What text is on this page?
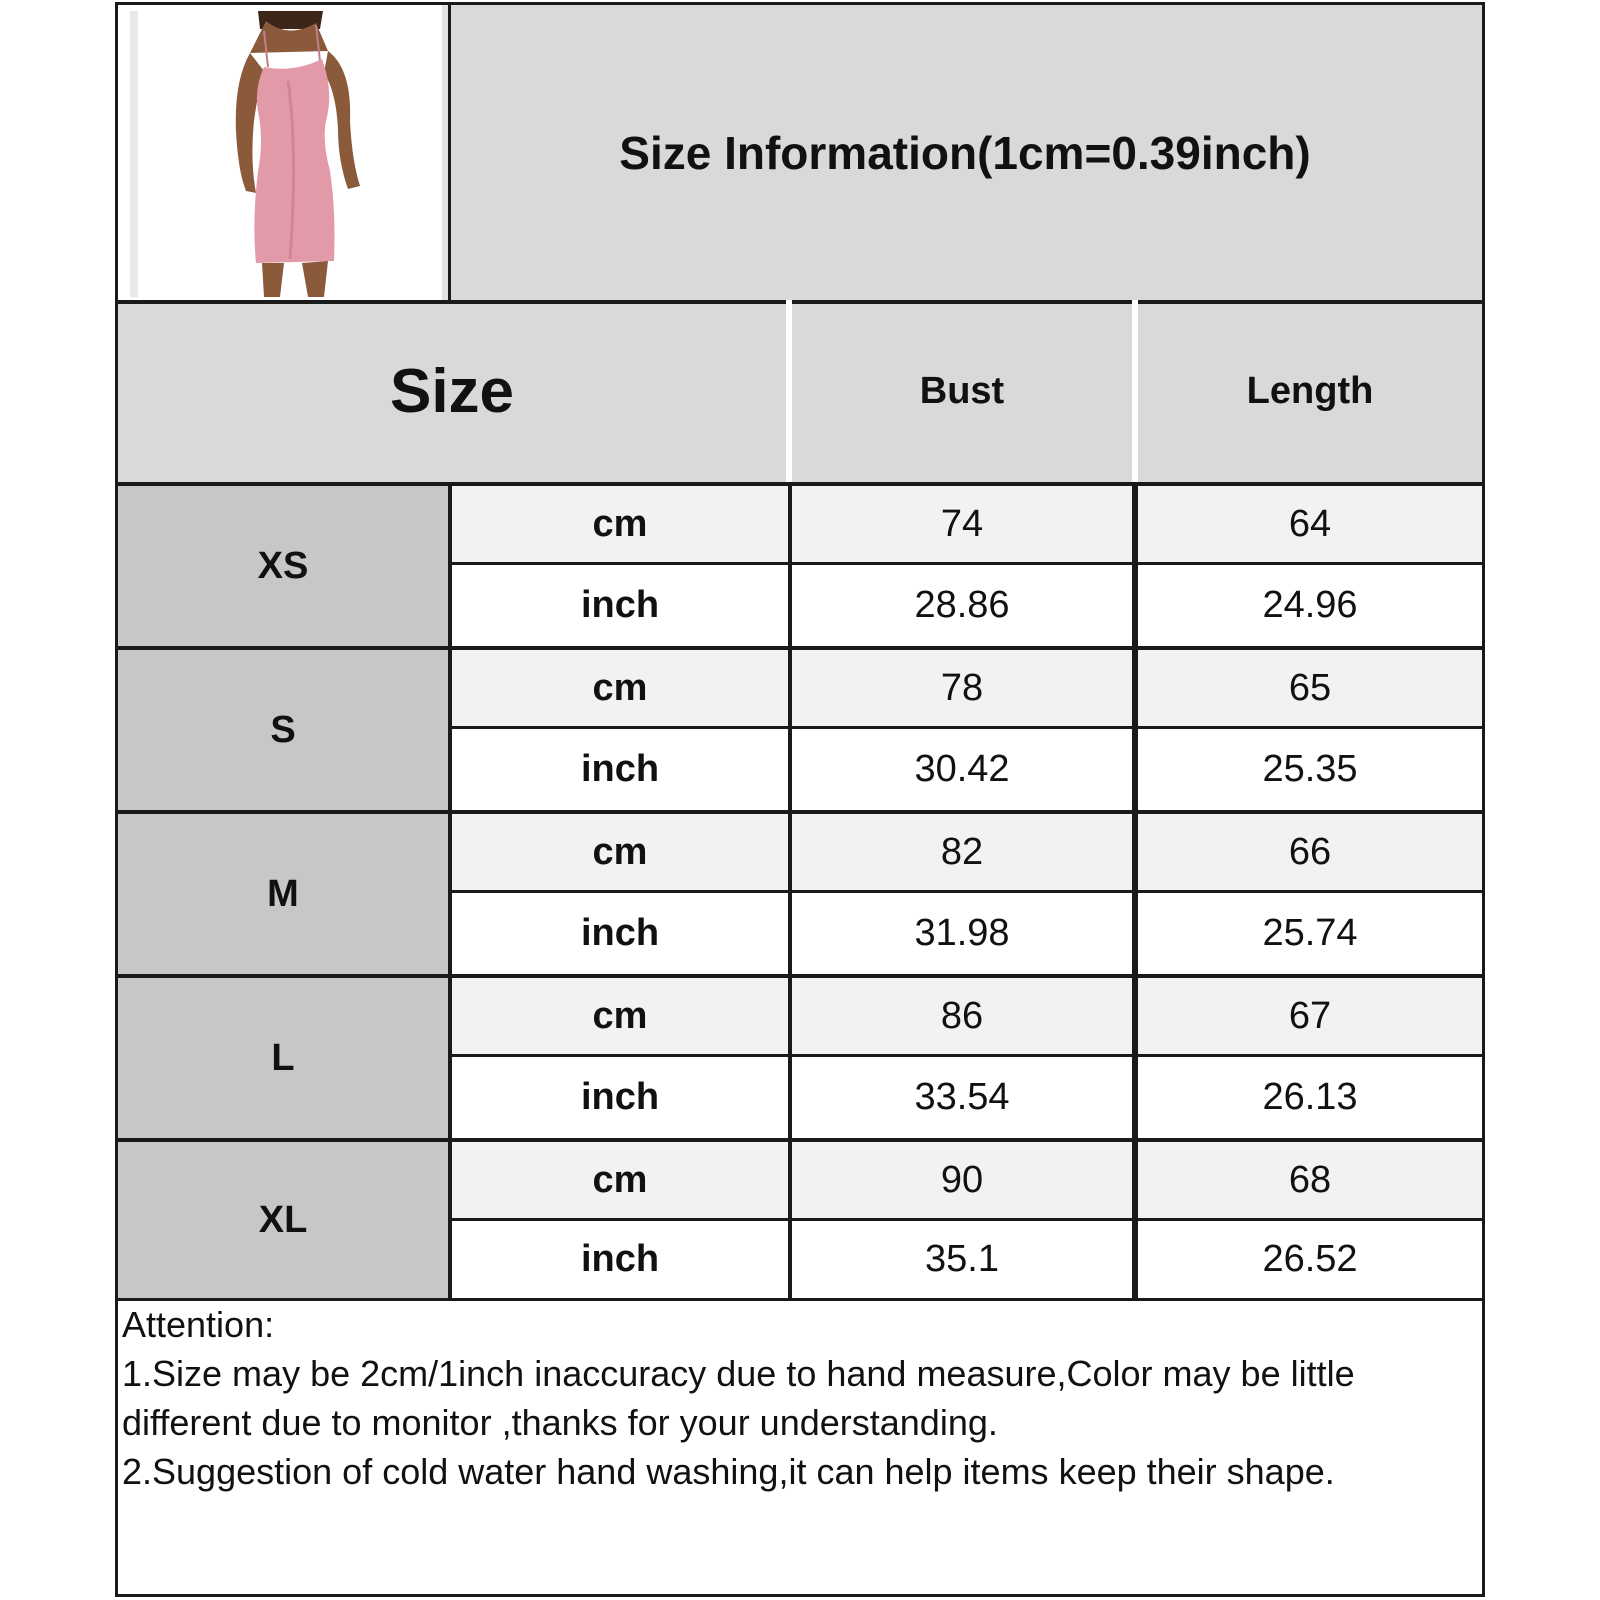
Size Information(1cm=0.39inch)
Size	Bust	Length
XS
cm	74	64
inch	28.86	24.96
S
cm	78	65
inch	30.42	25.35
M
cm	82	66
inch	31.98	25.74
L
cm	86	67
inch	33.54	26.13
XL
cm	90	68
inch	35.1	26.52
Attention:
1.Size may be 2cm/1inch inaccuracy due to hand measure,Color may be little different due to monitor ,thanks for your understanding.
2.Suggestion of cold water hand washing,it can help items keep their shape.
